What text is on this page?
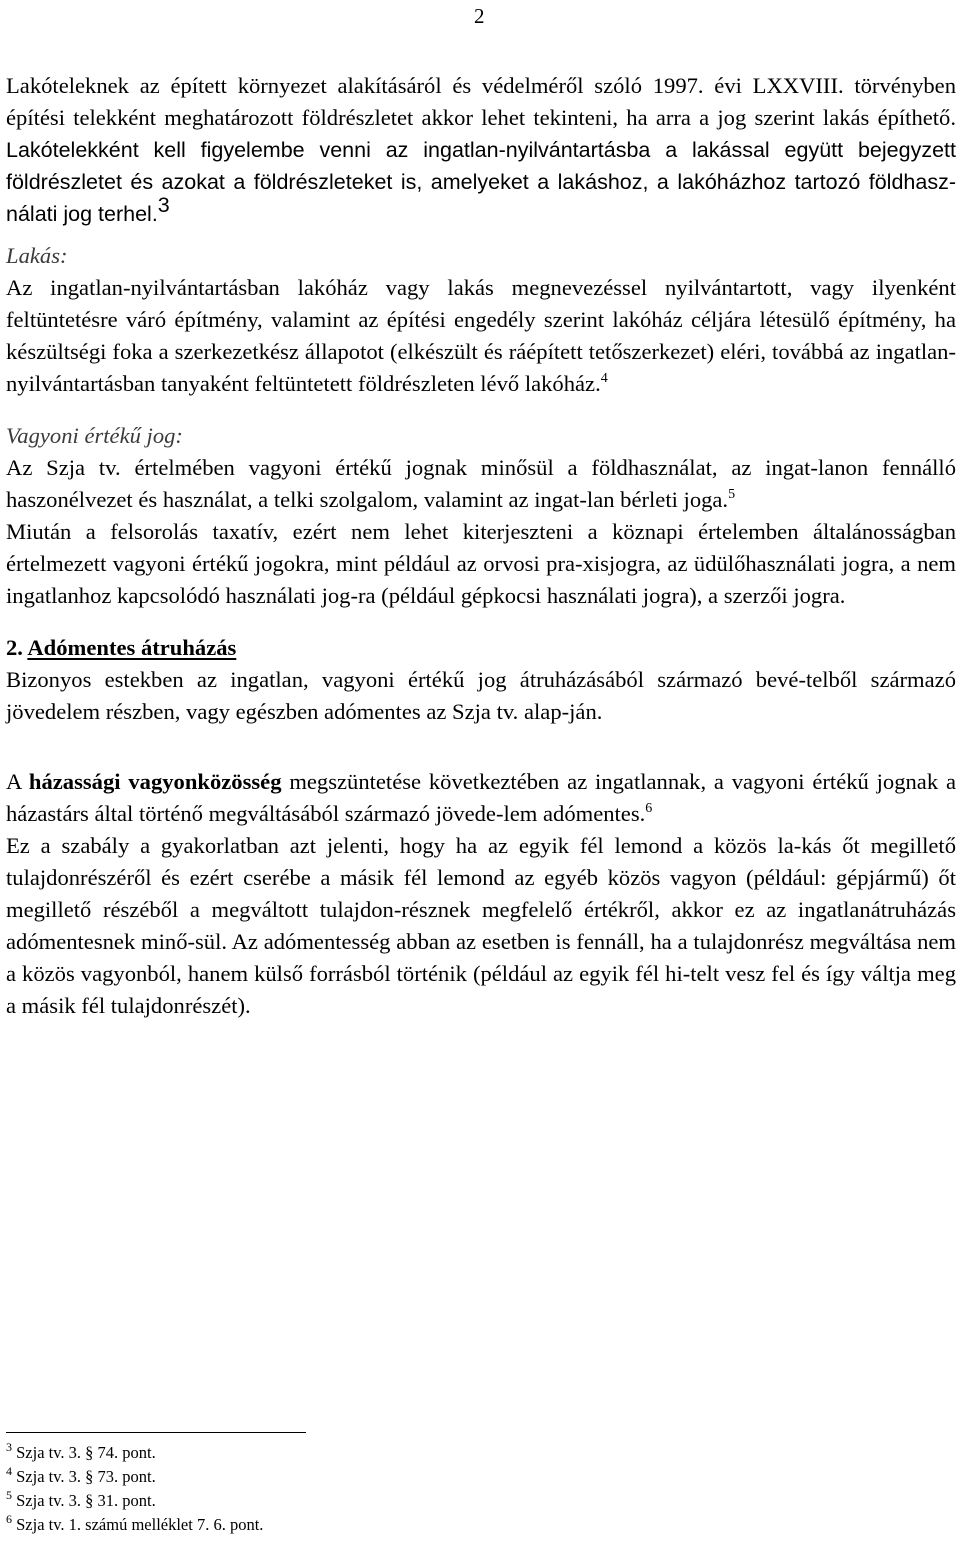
2

Lakóteleknek az épített környezet alakításáról és védelméről szóló 1997. évi LXXVIII. törvényben építési telekként meghatározott földrészletet akkor lehet tekinteni, ha arra a jog szerint lakás építhető. Lakótelekként kell figyelembe venni az ingatlan-nyilvántartásba a lakással együtt bejegyzett földrészletet és azokat a földrészleteket is, amelyeket a lakáshoz, a lakóházhoz tartozó földhasz-nálati jog terhel.$^3$

Lakás:

Az ingatlan-nyilvántartásban lakóház vagy lakás megnevezéssel nyilvántartott, vagy ilyenként feltüntetésre váró építmény, valamint az építési engedély szerint lakóház céljára létesülő építmény, ha készültségi foka a szerkezetkész állapotot (elkészült és ráépített tetőszerkezet) eléri, továbbá az ingatlan-nyilvántartásban tanyaként feltüntetett földrészleten lévő lakóház.$^4$

Vagyoni értékű jog:

Az Szja tv. értelmében vagyoni értékű jognak minősül a földhasználat, az ingat-lanon fennálló haszonélvezet és használat, a telki szolgalom, valamint az ingat-lan bérleti joga.$^5$

Miután a felsorolás taxatív, ezért nem lehet kiterjeszteni a köznapi értelemben általánosságban értelmezett vagyoni értékű jogokra, mint például az orvosi pra-xisjogra, az üdülőhasználati jogra, a nem ingatlanhoz kapcsolódó használati jog-ra (például gépkocsi használati jogra), a szerzői jogra.

2. Adómentes átruházás

Bizonyos estekben az ingatlan, vagyoni értékű jog átruházásából származó bevé-telből származó jövedelem részben, vagy egészben adómentes az Szja tv. alap-ján.

A házassági vagyonközösség megszüntetése következtében az ingatlannak, a vagyoni értékű jognak a házastárs által történő megváltásából származó jövede-lem adómentes.$^6$

Ez a szabály a gyakorlatban azt jelenti, hogy ha az egyik fél lemond a közös la-kás őt megillető tulajdonrészéről és ezért cserébe a másik fél lemond az egyéb közös vagyon (például: gépjármű) őt megillető részéből a megváltott tulajdon-résznek megfelelő értékről, akkor ez az ingatlanátruházás adómentesnek minő-sül. Az adómentesség abban az esetben is fennáll, ha a tulajdonrész megváltása nem a közös vagyonból, hanem külső forrásból történik (például az egyik fél hi-telt vesz fel és így váltja meg a másik fél tulajdonrészét).

$^3$ Szja tv. 3. § 74. pont.

$^4$ Szja tv. 3. § 73. pont.

$^5$ Szja tv. 3. § 31. pont.

$^6$ Szja tv. 1. számú melléklet 7. 6. pont.
